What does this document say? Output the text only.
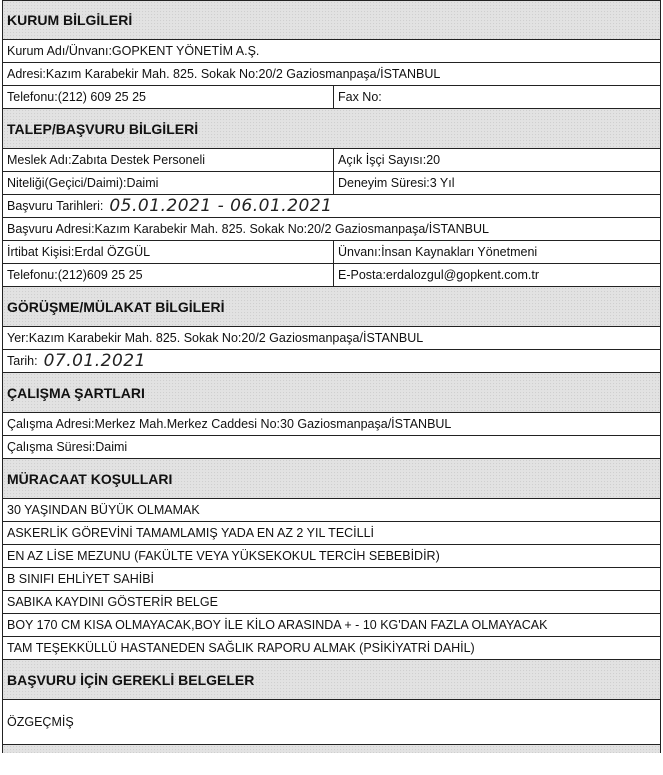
KURUM BİLGİLERİ
Kurum Adı/Ünvanı:GOPKENT YÖNETİM A.Ş.
Adresi:Kazım Karabekir Mah. 825. Sokak No:20/2 Gaziosmanpaşa/İSTANBUL
Telefonu:(212) 609 25 25	Fax No:
TALEP/BAŞVURU BİLGİLERİ
Meslek Adı:Zabıta Destek Personeli	Açık İşçi Sayısı:20
Niteliği(Geçici/Daimi):Daimi	Deneyim Süresi:3 Yıl
Başvuru Tarihleri: 05.01.2021 - 06.01.2021
Başvuru Adresi:Kazım Karabekir Mah. 825. Sokak No:20/2 Gaziosmanpaşa/İSTANBUL
İrtibat Kişisi:Erdal ÖZGÜL	Ünvanı:İnsan Kaynakları Yönetmeni
Telefonu:(212)609 25 25	E-Posta:erdalozgul@gopkent.com.tr
GÖRÜŞME/MÜLAKAT BİLGİLERİ
Yer:Kazım Karabekir Mah. 825. Sokak No:20/2 Gaziosmanpaşa/İSTANBUL
Tarih: 07.01.2021
ÇALIŞMA ŞARTLARI
Çalışma Adresi:Merkez Mah.Merkez Caddesi No:30 Gaziosmanpaşa/İSTANBUL
Çalışma Süresi:Daimi
MÜRACAAT KOŞULLARI
30 YAŞINDAN BÜYÜK OLMAMAK
ASKERLİK GÖREVİNİ TAMAMLAMIŞ YADA EN AZ 2 YIL TECİLLİ
EN AZ LİSE MEZUNU (FAKÜLTE VEYA YÜKSEKOKUL TERCİH SEBEBİDİR)
B SINIFI EHLİYET SAHİBİ
SABIKA KAYDINI GÖSTERİR BELGE
BOY 170 CM KISA OLMAYACAK,BOY İLE KİLO ARASINDA + - 10 KG'DAN FAZLA OLMAYACAK
TAM TEŞEKKÜLLÜ HASTANEDEN SAĞLIK RAPORU ALMAK (PSİKİYATRİ DAHİL)
BAŞVURU İÇİN GEREKLİ BELGELER
ÖZGEÇMİŞ
